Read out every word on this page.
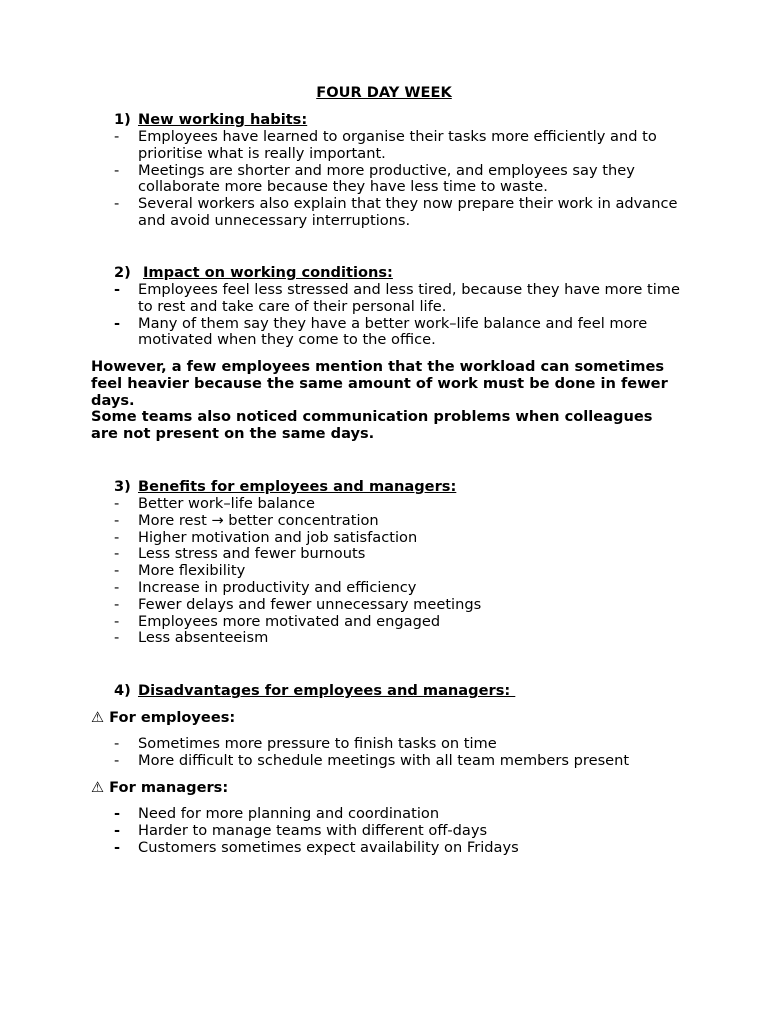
FOUR DAY WEEK
1) New working habits:
- Employees have learned to organise their tasks more efficiently and to prioritise what is really important.
- Meetings are shorter and more productive, and employees say they collaborate more because they have less time to waste.
- Several workers also explain that they now prepare their work in advance and avoid unnecessary interruptions.
2) Impact on working conditions:
- Employees feel less stressed and less tired, because they have more time to rest and take care of their personal life.
- Many of them say they have a better work–life balance and feel more motivated when they come to the office.
However, a few employees mention that the workload can sometimes feel heavier because the same amount of work must be done in fewer days.
Some teams also noticed communication problems when colleagues are not present on the same days.
3) Benefits for employees and managers:
- Better work–life balance
- More rest → better concentration
- Higher motivation and job satisfaction
- Less stress and fewer burnouts
- More flexibility
- Increase in productivity and efficiency
- Fewer delays and fewer unnecessary meetings
- Employees more motivated and engaged
- Less absenteeism
4) Disadvantages for employees and managers:
⚠ For employees:
- Sometimes more pressure to finish tasks on time
- More difficult to schedule meetings with all team members present
⚠ For managers:
- Need for more planning and coordination
- Harder to manage teams with different off-days
- Customers sometimes expect availability on Fridays
